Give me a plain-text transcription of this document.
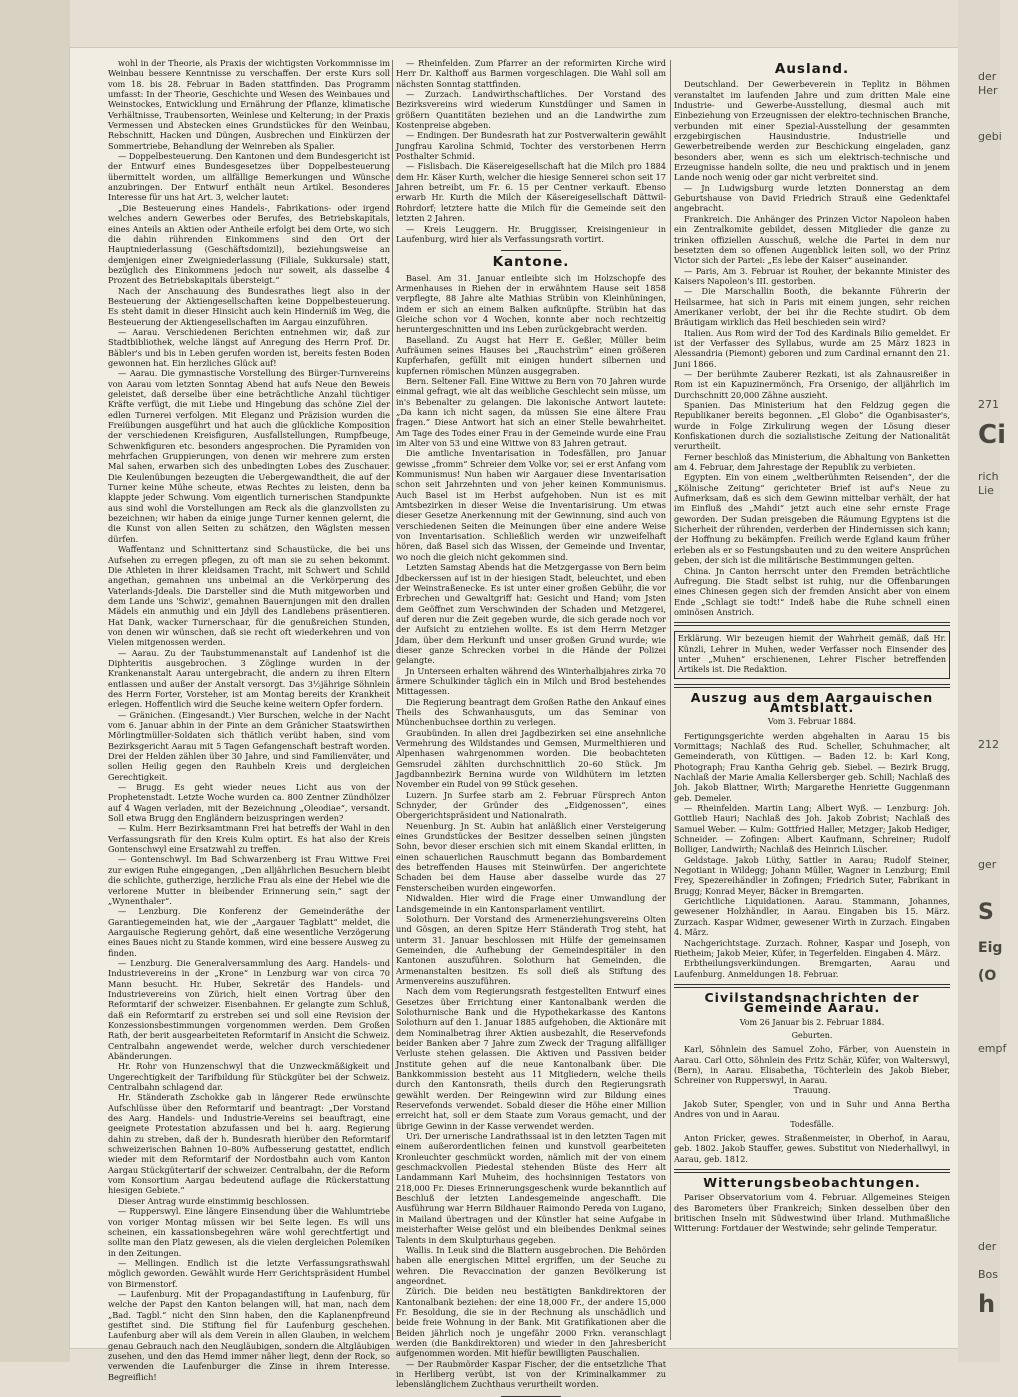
wohl in der Theorie, als Praxis der wichtigsten Vorkommnisse im Weinbau bessere Kenntnisse zu verschaffen. Der erste Kurs soll vom 18. bis 28. Februar in Baden stattfinden. Das Programm umfasst: In der Theorie, Geschichte und Wesen des Weinbaues und Weinstockes, Entwicklung und Ernährung der Pflanze, klimatische Verhältnisse, Traubensorten, Weinlese und Kelterung; in der Praxis Vermessen und Abstecken eines Grundstückes für den Weinbau, Rebschnitt, Hacken und Düngen, Ausbrechen und Einkürzen der Sommertriebe, Behandlung der Weinreben als Spalier.

— Doppelbesteuerung. Den Kantonen und dem Bundesgericht ist der Entwurf eines Bundesgesetzes über Doppelbesteuerung übermittelt worden, um allfällige Bemerkungen und Wünsche anzubringen. Der Entwurf enthält neun Artikel. Besonderes Interesse für uns hat Art. 3, welcher lautet:

„Die Besteuerung eines Handels-, Fabrikations- oder irgend welches andern Gewerbes oder Berufes, des Betriebskapitals, eines Anteils an Aktien oder Antheile erfolgt bei dem Orte, wo sich die dahin rührenden Einkommens sind den Ort der Hauptniederlassung (Geschäftsdomizil), beziehungsweise an demjenigen einer Zweigniederlassung (Filiale, Sukkursale) statt, bezüglich des Einkommens jedoch nur soweit, als dasselbe 4 Prozent des Betriebskapitals übersteigt.“

Nach der Anschauung des Bundesrathes liegt also in der Besteuerung der Aktiengesellschaften keine Doppelbesteuerung. Es steht damit in dieser Hinsicht auch kein Hinderniß im Weg, die Besteuerung der Aktiengesellschaften im Aargau einzuführen.

— Aarau. Verschiedenen Berichten entnehmen wir, daß zur Stadtbibliothek, welche längst auf Anregung des Herrn Prof. Dr. Bäbler's und bis in Leben gerufen worden ist, bereits festen Boden gewonnen hat. Ein herzliches Glück auf!

— Aarau. Die gymnastische Vorstellung des Bürger-Turnvereins von Aarau vom letzten Sonntag Abend hat aufs Neue den Beweis geleistet, daß derselbe über eine beträchtliche Anzahl tüchtiger Kräfte verfügt, die mit Liebe und Hingebung das schöne Ziel der edlen Turnerei verfolgen. Mit Eleganz und Präzision wurden die Freiübungen ausgeführt und hat auch die glückliche Komposition der verschiedenen Kreisfiguren, Ausfallstellungen, Rumpfbeuge, Schwenkfiguren etc. besonders angesprochen. Die Pyramiden von mehrfachen Gruppierungen, von denen wir mehrere zum ersten Mal sahen, erwarben sich des unbedingten Lobes des Zuschauer. Die Keulenübungen bezeugten die Uebergewandtheit, die auf der Turner keine Mühe scheute, etwas Rechtes zu leisten, denn ba klappte jeder Schwung. Vom eigentlich turnerischen Standpunkte aus sind wohl die Vorstellungen am Reck als die glanzvollsten zu bezeichnen; wir haben da einige junge Turner kennen gelernt, die die Kunst von allen Seiten zu schätzen, den Wäglsten messen dürfen.

Waffentanz und Schnittertanz sind Schaustücke, die bei uns Aufsehen zu erregen pflegen, zu oft man sie zu sehen bekommt. Die Athleten in ihrer kleidsamen Tracht, mit Schwert und Schild angethan, gemahnen uns unbeimal an die Verkörperung des Vaterlands-Jdeals. Die Darsteller sind die Muth mitgeworben und dem Lande uns 'Schwiz', gemahnen Bauernjungen mit den drallen Mädels ein anmuthig und ein Jdyll des Landlebens präsentieren. Hat Dank, wacker Turnerschaar, für die genußreichen Stunden, von denen wir wünschen, daß sie recht oft wiederkehren und von Vielen mitgenossen werden.

— Aarau. Zu der Taubstummenanstalt auf Landenhof ist die Diphteritis ausgebrochen. 3 Zöglinge wurden in der Krankenanstalt Aarau untergebracht, die andern zu ihren Eltern entlassen und außer der Anstalt versorgt. Das 3½jährige Söhnlein des Herrn Forter, Vorsteher, ist am Montag bereits der Krankheit erlegen. Hoffentlich wird die Seuche keine weitern Opfer fordern.

— Gränichen. (Eingesandt.) Vier Burschen, welche in der Nacht vom 6. Januar abhin in der Pinte an dem Gränicher Staatswirthen Mörlingtmüller-Soldaten sich thätlich verübt haben, sind vom Bezirksgericht Aarau mit 5 Tagen Gefangenschaft bestraft worden. Drei der Helden zählen über 30 Jahre, und sind Familienväter, und sollen Heilig gegen den Rauhbeln Kreis und dergleichen Gerechtigkeit.

— Brugg. Es geht wieder neues Licht aus von der Prophetenstadt. Letzte Woche wurden ca. 800 Zentner Zündhölzer auf 4 Wagen verladen, mit der Bezeichnung „Oleodiae“, versandt. Soll etwa Brugg den Engländern beizuspringen werden?

— Kulm. Herr Bezirksamtmann Frei hat betreffs der Wahl in den Verfassungsrath für den Kreis Kulm optirt. Es hat also der Kreis Gontenschwyl eine Ersatzwahl zu treffen.

— Gontenschwyl. Im Bad Schwarzenberg ist Frau Wittwe Frei zur ewigen Ruhe eingegangen, „Den alljährlichen Besuchern bleibt die schlichte, gutherzige, herzliche Frau als eine der Hebel wie die verlorene Mutter in bleibender Erinnerung sein,“ sagt der „Wynenthaler“.

— Lenzburg. Die Konferenz der Gemeinderäthe der Garantiegemeinden hat, wie der „Aargauer Tagblatt“ meldet, die Aargauische Regierung gehört, daß eine wesentliche Verzögerung eines Baues nicht zu Stande kommen, wird eine bessere Ausweg zu finden.

— Lenzburg. Die Generalversammlung des Aarg. Handels- und Industrievereins in der „Krone“ in Lenzburg war von circa 70 Mann besucht. Hr. Huber, Sekretär des Handels- und Industrievereins von Zürich, hielt einen Vortrag über den Reformtarif der schweizer. Eisenbahnen. Er gelangte zum Schluß, daß ein Reformtarif zu erstreben sei und soll eine Revision der Konzessionsbestimmungen vorgenommen werden. Dem Großen Rath, der berit ausgearbeiteten Reformtarif in Ansicht die Schweiz. Centralbahn angewendet werde, welcher durch verschiedener Abänderungen.

Hr. Rohr von Hunzenschwyl that die Unzweckmäßigkeit und Ungerechtigkeit der Tarifbildung für Stückgüter bei der Schweiz. Centralbahn schlagend dar.

Hr. Ständerath Zschokke gab in längerer Rede erwünschte Aufschlüsse über den Reformtarif und beantragt: „Der Vorstand des Aarg. Handels- und Industrie-Vereins sei beauftragt, eine geeignete Protestation abzufassen und bei h. aarg. Regierung dahin zu streben, daß der h. Bundesrath hierüber den Reformtarif schweizerischen Bahnen 10–80% Aufbesserung gestattet, endlich wieder mit dem Reformtarif der Nordostbahn auch vom Kanton Aargau Stückgütertarif der schweizer. Centralbahn, der die Reform vom Konsortium Aargau bedeutend auflage die Rückerstattung hiesigen Gebiete.“

Dieser Antrag wurde einstimmig beschlossen.

— Rupperswyl. Eine längere Einsendung über die Wahlumtriebe von voriger Montag müssen wir bei Seite legen. Es will uns scheinen, ein kassationsbegehren wäre wohl gerechtfertigt und sollte man den Platz gewesen, als die vielen dergleichen Polemiken in den Zeitungen.

— Mellingen. Endlich ist die letzte Verfassungsrathswahl möglich geworden. Gewählt wurde Herr Gerichtspräsident Humbel von Birmenstorf.

— Laufenburg. Mit der Propagandastiftung in Laufenburg, für welche der Papst den Kanton belangen will, hat man, nach dem „Bad. Tagbl.“ nicht den Sinn haben, den die Kaplanenpfreund gestiftet sind. Die Stiftung fiel für Laufenburg geschehen. Laufenburg aber will als dem Verein in allen Glauben, in welchem genau Gebrauch nach den Neugläubigen, sondern die Altgläubigen zusehen, und den das Hemd immer näher liegt, denn der Rock, so verwenden die Laufenburger die Zinse in ihrem Interesse. Begreiflich!

— Rheinfelden. Zum Pfarrer an der reformirten Kirche wird Herr Dr. Kalthoff aus Barmen vorgeschlagen. Die Wahl soll am nächsten Sonntag stattfinden.

— Zurzach. Landwirthschaftliches. Der Vorstand des Bezirksvereins wird wiederum Kunstdünger und Samen in größern Quantitäten beziehen und an die Landwirthe zum Kostenpreise abgeben.

— Endingen. Der Bundesrath hat zur Postverwalterin gewählt Jungfrau Karolina Schmid, Tochter des verstorbenen Herrn Posthalter Schmid.

— Fislisbach. Die Käsereigesellschaft hat die Milch pro 1884 dem Hr. Käser Kurth, welcher die hiesige Sennerei schon seit 17 Jahren betreibt, um Fr. 6. 15 per Centner verkauft. Ebenso erwarb Hr. Kurth die Milch der Käsereigesellschaft Dättwil-Rohrdorf; letztere hatte die Milch für die Gemeinde seit den letzten 2 Jahren.

— Kreis Leuggern. Hr. Bruggisser, Kreisingenieur in Laufenburg, wird hier als Verfassungsrath vortirt.

Kantone.

Basel. Am 31. Januar entleibte sich im Holzschopfe des Armenhauses in Riehen der in erwähntem Hause seit 1858 verpflegte, 88 Jahre alte Mathias Strübin von Kleinhüningen, indem er sich an einem Balken aufknüpfte. Strübin hat das Gleiche schon vor 4 Wochen, konnte aber noch rechtzeitig heruntergeschnitten und ins Leben zurückgebracht werden.

Baselland. Zu Augst hat Herr E. Geßler, Müller beim Aufräumen seines Hauses bei „Rauchstrüm“ einen größeren Kupferhafen, gefüllt mit einigen hundert silbernen und kupfernen römischen Münzen ausgegraben.

Bern. Seltener Fall. Eine Wittwe zu Bern von 70 Jahren wurde einmal gefragt, wie alt das weibliche Geschlecht sein müsse, um in's Bebenalter zu gelangen. Die lakonische Antwort lautete: „Da kann ich nicht sagen, da müssen Sie eine ältere Frau fragen.“ Diese Antwort hat sich an einer Stelle bewahrheitet. Am Tage des Todes einer Frau in der Gemeinde wurde eine Frau im Alter von 53 und eine Wittwe von 83 Jahren getraut.

Die amtliche Inventarisation in Todesfällen, pro Januar gewisse „fromm“ Schreier dem Volke vor, sei er erst Anfang vom Kommunismus! Nun haben wir Aargauer diese Inventarisation schon seit Jahrzehnten und von jeher keinen Kommunismus. Auch Basel ist im Herbst aufgehoben. Nun ist es mit Amtsbezirken in dieser Weise die Inventarisirung. Um etwas dieser Gesetze Anerkennung mit der Gewinnung, sind auch von verschiedenen Seiten die Meinungen über eine andere Weise von Inventarisation. Schließlich werden wir unzweifelhaft hören, daß Basel sich das Wissen, der Gemeinde und Inventar, wo noch die gleich nicht gekommen sind.

Letzten Samstag Abends hat die Metzgergasse von Bern beim Jdbeckerssen auf ist in der hiesigen Stadt, beleuchtet, und eben der Weinstraßenecke. Es ist unter einer großen Gebühr, die vor Erbrechen und Gewaltgriff hat: Gesicht und Hand; vom Jsten dem Geöffnet zum Verschwinden der Schaden und Metzgerei, auf deren nur die Zeit gegeben wurde, die sich gerade noch vor der Aufsicht zu entziehen wollte. Es ist dem Herrn Metzger Jdam, über dem Herkunft und unser großen Grund wurde; wie dieser ganze Schrecken vorbei in die Hände der Polizei gelangte.

Jn Unterseen erhalten während des Winterhalbjahres zirka 70 ärmere Schulkinder täglich ein in Milch und Brod bestehendes Mittagessen.

Die Regierung beantragt dem Großen Rathe den Ankauf eines Theils des Schwanhausguts, um das Seminar von Münchenbuchsee dorthin zu verlegen.

Graubünden. In allen drei Jagdbezirken sei eine ansehnliche Vermehrung des Wildstandes und Gemsen, Murmelthieren und Alpenhasen wahrgenommen worden. Die beobachteten Gemsrudel zählten durchschnittlich 20–60 Stück. Jm Jagdbannbezirk Bernina wurde von Wildhütern im letzten November ein Rudel von 99 Stück gesehen.

Luzern. Jn Surfee starb am 2. Februar Fürsprech Anton Schnyder, der Gründer des „Eidgenossen“, eines Obergerichtspräsident und Nationalrath.

Neuenburg. Jn St. Aubin hat anläßlich einer Versteigerung eines Grundstückes der Besitzer desselben seinen jüngsten Sohn, bevor dieser erschien sich mit einem Skandal erlitten, in einen schauerlichen Rauschmutt begann das Bombardement des betreffenden Hauses mit Steinwürfen. Der angerichtete Schaden bei dem Hause aber dasselbe wurde das 27 Fensterscheiben wurden eingeworfen.

Nidwalden. Hier wird die Frage einer Umwandlung der Landsgemeinde in ein Kantonsparlament ventilirt.

Solothurn. Der Vorstand des Armenerziehungsvereins Olten und Gösgen, an deren Spitze Herr Ständerath Trog steht, hat unterm 31. Januar beschlossen mit Hülfe der gemeinsamen Gemeinden, die Aufhebung der Gemeindespitäler in den Kantonen auszuführen. Solothurn hat Gemeinden, die Armenanstalten besitzen. Es soll dieß als Stiftung des Armenvereins auszuführen.

Nach dem vom Regierungsrath festgestellten Entwurf eines Gesetzes über Errichtung einer Kantonalbank werden die Solothurnische Bank und die Hypothekarkasse des Kantons Solothurn auf den 1. Januar 1885 aufgehoben, die Aktionäre mit dem Nominalbetrag ihrer Aktien ausbezahlt, die Reservefonds beider Banken aber 7 Jahre zum Zweck der Tragung allfälliger Verluste stehen gelassen. Die Aktiven und Passiven beider Jnstitute gehen auf die neue Kantonalbank über. Die Bankkommission besteht aus 11 Mitgliedern, welche theils durch den Kantonsrath, theils durch den Regierungsrath gewählt werden. Der Reingewinn wird zur Bildung eines Reservefonds verwendet. Sobald dieser die Höhe einer Million erreicht hat, soll er dem Staate zum Voraus gemacht, und der übrige Gewinn in der Kasse verwendet werden.

Uri. Der urnerische Landrathssaal ist in den letzten Tagen mit einem außerordentlichen feinen und kunstvoll gearbeiteten Kronleuchter geschmückt worden, nämlich mit der von einem geschmackvollen Piedestal stehenden Büste des Herr alt Landammann Karl Muheim, des hochsinnigen Testators von 218,000 Fr. Dieses Erinnerungsgeschenk wurde bekanntlich auf Beschluß der letzten Landesgemeinde angeschafft. Die Ausführung war Herrn Bildhauer Raimondo Pereda von Lugano, in Mailand übertragen und der Künstler hat seine Aufgabe in meisterhafter Weise gelöst und ein bleibendes Denkmal seines Talents in dem Skulpturhaus gegeben.

Wallis. In Leuk sind die Blattern ausgebrochen. Die Behörden haben alle energischen Mittel ergriffen, um der Seuche zu wehren. Die Revaccination der ganzen Bevölkerung ist angeordnet.

Zürich. Die beiden neu bestätigten Bankdirektoren der Kantonalbank beziehen: der eine 18,000 Fr., der andere 15,000 Fr. Besoldung, die sie in der Rechnung als unschädlich und beide freie Wohnung in der Bank. Mit Gratifikationen aber die Beiden jährlich noch je ungefähr 2000 Frkn. veranschlagt werden (die Bankdirektoren) und wieder in den Jahresbericht aufgenommen worden. Mit hiefür bewilligten Pauschalien.

— Der Raubmörder Kaspar Fischer, der die entsetzliche That in Herliberg verübt, ist von der Kriminalkammer zu lebenslänglichem Zuchthaus verurtheilt worden.

Ausland.

Deutschland. Der Gewerbeverein in Teplitz in Böhmen veranstaltet im laufenden Jahre und zum dritten Male eine Industrie- und Gewerbe-Ausstellung, diesmal auch mit Einbeziehung von Erzeugnissen der elektro-technischen Branche, verbunden mit einer Spezial-Ausstellung der gesammten erzgebirgischen Hausindustrie. Industrielle und Gewerbetreibende werden zur Beschickung eingeladen, ganz besonders aber, wenn es sich um elektrisch-technische und Erzeugnisse handeln sollte, die neu und praktisch und in jenem Lande noch wenig oder gar nicht verbreitet sind.

— Jn Ludwigsburg wurde letzten Donnerstag an dem Geburtshause von David Friedrich Strauß eine Gedenktafel angebracht.

Frankreich. Die Anhänger des Prinzen Victor Napoleon haben ein Zentralkomite gebildet, dessen Mitglieder die ganze zu trinken offiziellen Ausschuß, welche die Partei in dem nur besetzten dem so offenen Augenblick leiten soll, wo der Prinz Victor sich der Partei: „Es lebe der Kaiser“ auseinander.

— Paris, Am 3. Februar ist Rouher, der bekannte Minister des Kaisers Napoleon's III. gestorben.

— Die Marschallin Booth, die bekannte Führerin der Heilsarmee, hat sich in Paris mit einem jungen, sehr reichen Amerikaner verlobt, der bei ihr die Rechte studirt. Ob dem Bräutigam wirklich das Heil beschieden sein wird?

Italien. Aus Rom wird der Tod des Kardinals Bilio gemeldet. Er ist der Verfasser des Syllabus, wurde am 25 März 1823 in Alessandria (Piemont) geboren und zum Cardinal ernannt den 21. Juni 1866.

— Der berühmte Zauberer Rezkati, ist als Zahnausreißer in Rom ist ein Kapuzinermönch, Fra Orsenigo, der alljährlich im Durchschnitt 20,000 Zähne auszieht.

Spanien. Das Ministerium hat den Feldzug gegen die Republikaner bereits begonnen. „El Globo“ die Oganbisaster's, wurde in Folge Zirkulirung wegen der Lösung dieser Konfiskationen durch die sozialistische Zeitung der Nationalität verurtheilt.

Ferner beschloß das Ministerium, die Abhaltung von Banketten am 4. Februar, dem Jahrestage der Republik zu verbieten.

Egypten. Ein von einem „weltberühmten Reisenden“, der die „Kölnische Zeitung“ gerichteter Brief ist auf's Neue zu Aufmerksam, daß es sich dem Gewinn mittelbar verhält, der hat im Einfluß des „Mahdi“ jetzt auch eine sehr ernste Frage geworden. Der Sudan preisgeben die Räumung Egyptens ist die Sicherheit der rührenden, verderben der Hindernissen sich kann; der Hoffnung zu bekämpfen. Freilich werde Egland kaum früher erleben als er so Festungsbauten und zu den weitere Ansprüchen geben, der sich ist die militärische Bestimmungen gelten.

China. Jn Canton herrscht unter den Fremden beträchtliche Aufregung. Die Stadt selbst ist ruhig, nur die Offenbarungen eines Chinesen gegen sich der fremden Ansicht aber von einem Ende „Schlagt sie todt!“ Indeß habe die Ruhe schnell einen ominösen Anstrich.

Erklärung. Wir bezeugen hiemit der Wahrheit gemäß, daß Hr. Künzli, Lehrer in Muhen, weder Verfasser noch Einsender des unter „Muhen“ erschienenen, Lehrer Fischer betreffenden Artikels ist. Die Redaktion.
Auszug aus dem Aargauischen Amtsblatt.
Vom 3. Februar 1884.

Fertigungsgerichte werden abgehalten in Aarau 15 bis Vormittags; Nachlaß des Rud. Scheller, Schuhmacher, alt Gemeinderath, von Küttigen. — Baden 12. b: Karl Kong, Photograph; Frau Kantha Gehrig geb. Siebel. — Bezirk Brugg, Nachlaß der Marie Amalia Kellersberger geb. Schill; Nachlaß des Joh. Jakob Blattner, Wirth; Margarethe Henriette Guggenmann geb. Demeler.

— Rheinfelden. Martin Lang; Albert Wyß. — Lenzburg: Joh. Gottlieb Hauri; Nachlaß des Joh. Jakob Zobrist; Nachlaß des Samuel Weber. — Kulm: Gottfried Haller, Metzger; Jakob Hediger, Schneider. — Zofingen: Albert Kaufmann, Schreiner; Rudolf Bolliger, Landwirth; Nachlaß des Heinrich Lüscher.

Geldstage. Jakob Lüthy, Sattler in Aarau; Rudolf Steiner, Negotiant in Wildegg; Johann Müller, Wagner in Lenzburg; Emil Frey, Spezereihändler in Zofingen; Friedrich Suter, Fabrikant in Brugg; Konrad Meyer, Bäcker in Bremgarten.

Gerichtliche Liquidationen. Aarau. Stammann, Johannes, gewesener Holzhändler, in Aarau. Eingaben bis 15. März. Zurzach. Kaspar Widmer, gewesener Wirth in Zurzach. Eingaben 4. März.

Nachgerichtstage. Zurzach. Rohner, Kaspar und Joseph, von Rietheim; Jakob Meier, Küfer, in Tegerfelden. Eingaben 4. März.

Erbtheilungsverkündungen. Bremgarten, Aarau und Laufenburg. Anmeldungen 18. Februar.

Civilstandsnachrichten der Gemeinde Aarau.
Vom 26 Januar bis 2. Februar 1884.
Geburten.

Karl, Söhnlein des Samuel Zoho, Färber, von Auenstein in Aarau. Carl Otto, Söhnlein des Fritz Schär, Küfer, von Walterswyl, (Bern), in Aarau. Elisabetha, Töchterlein des Jakob Bieber, Schreiner von Rupperswyl, in Aarau.

Trauung.

Jakob Suter, Spengler, von und in Suhr und Anna Bertha Andres von und in Aarau.

Todesfälle.

Anton Fricker, gewes. Straßenmeister, in Oberhof, in Aarau, geb. 1802. Jakob Stauffer, gewes. Substitut von Niederhallwyl, in Aarau, geb. 1812.

Witterungsbeobachtungen.

Pariser Observatorium vom 4. Februar. Allgemeines Steigen des Barometers über Frankreich; Sinken desselben über den britischen Inseln mit Südwestwind über Irland. Muthmaßliche Witterung: Fortdauer der Westwinde; sehr gelinde Temperatur.

der
Her
gebi
271
Ci
rich
Lie
212
ger
S
Eig
(O
empf
der
Bos
h
